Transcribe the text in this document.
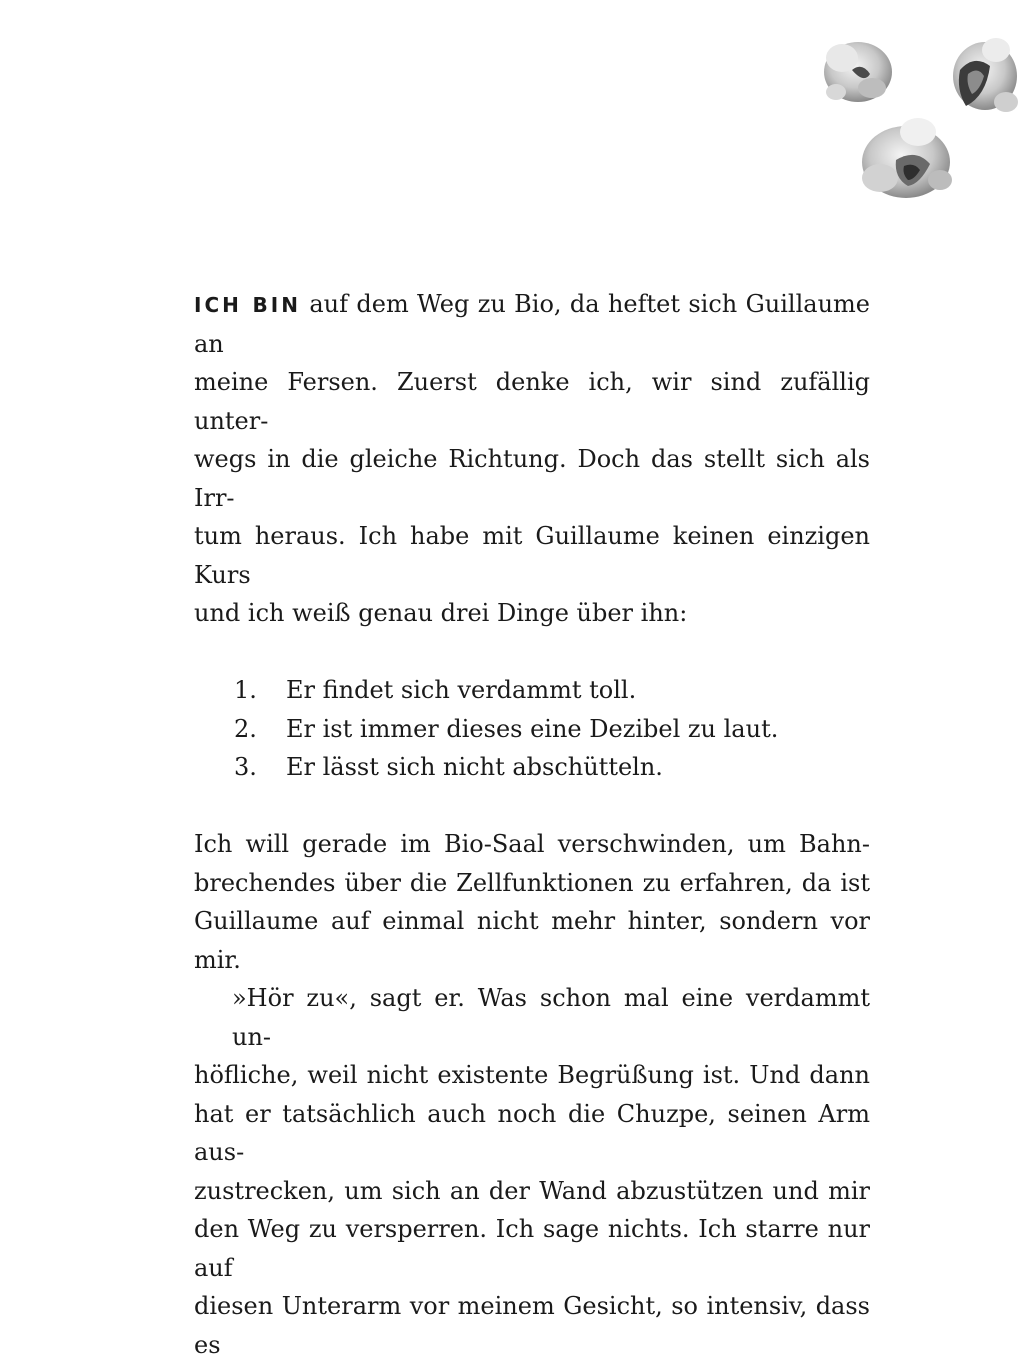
ICH BIN auf dem Weg zu Bio, da heftet sich Guillaume an

meine Fersen. Zuerst denke ich, wir sind zufällig unter-

wegs in die gleiche Richtung. Doch das stellt sich als Irr-

tum heraus. Ich habe mit Guillaume keinen einzigen Kurs

und ich weiß genau drei Dinge über ihn:

1.	Er findet sich verdammt toll.
2.	Er ist immer dieses eine Dezibel zu laut.
3.	Er lässt sich nicht abschütteln.

Ich will gerade im Bio-Saal verschwinden, um Bahn-

brechendes über die Zellfunktionen zu erfahren, da ist

Guillaume auf einmal nicht mehr hinter, sondern vor mir.

»Hör zu«, sagt er. Was schon mal eine verdammt un-

höfliche, weil nicht existente Begrüßung ist. Und dann

hat er tatsächlich auch noch die Chuzpe, seinen Arm aus-

zustrecken, um sich an der Wand abzustützen und mir

den Weg zu versperren. Ich sage nichts. Ich starre nur auf

diesen Unterarm vor meinem Gesicht, so intensiv, dass es
